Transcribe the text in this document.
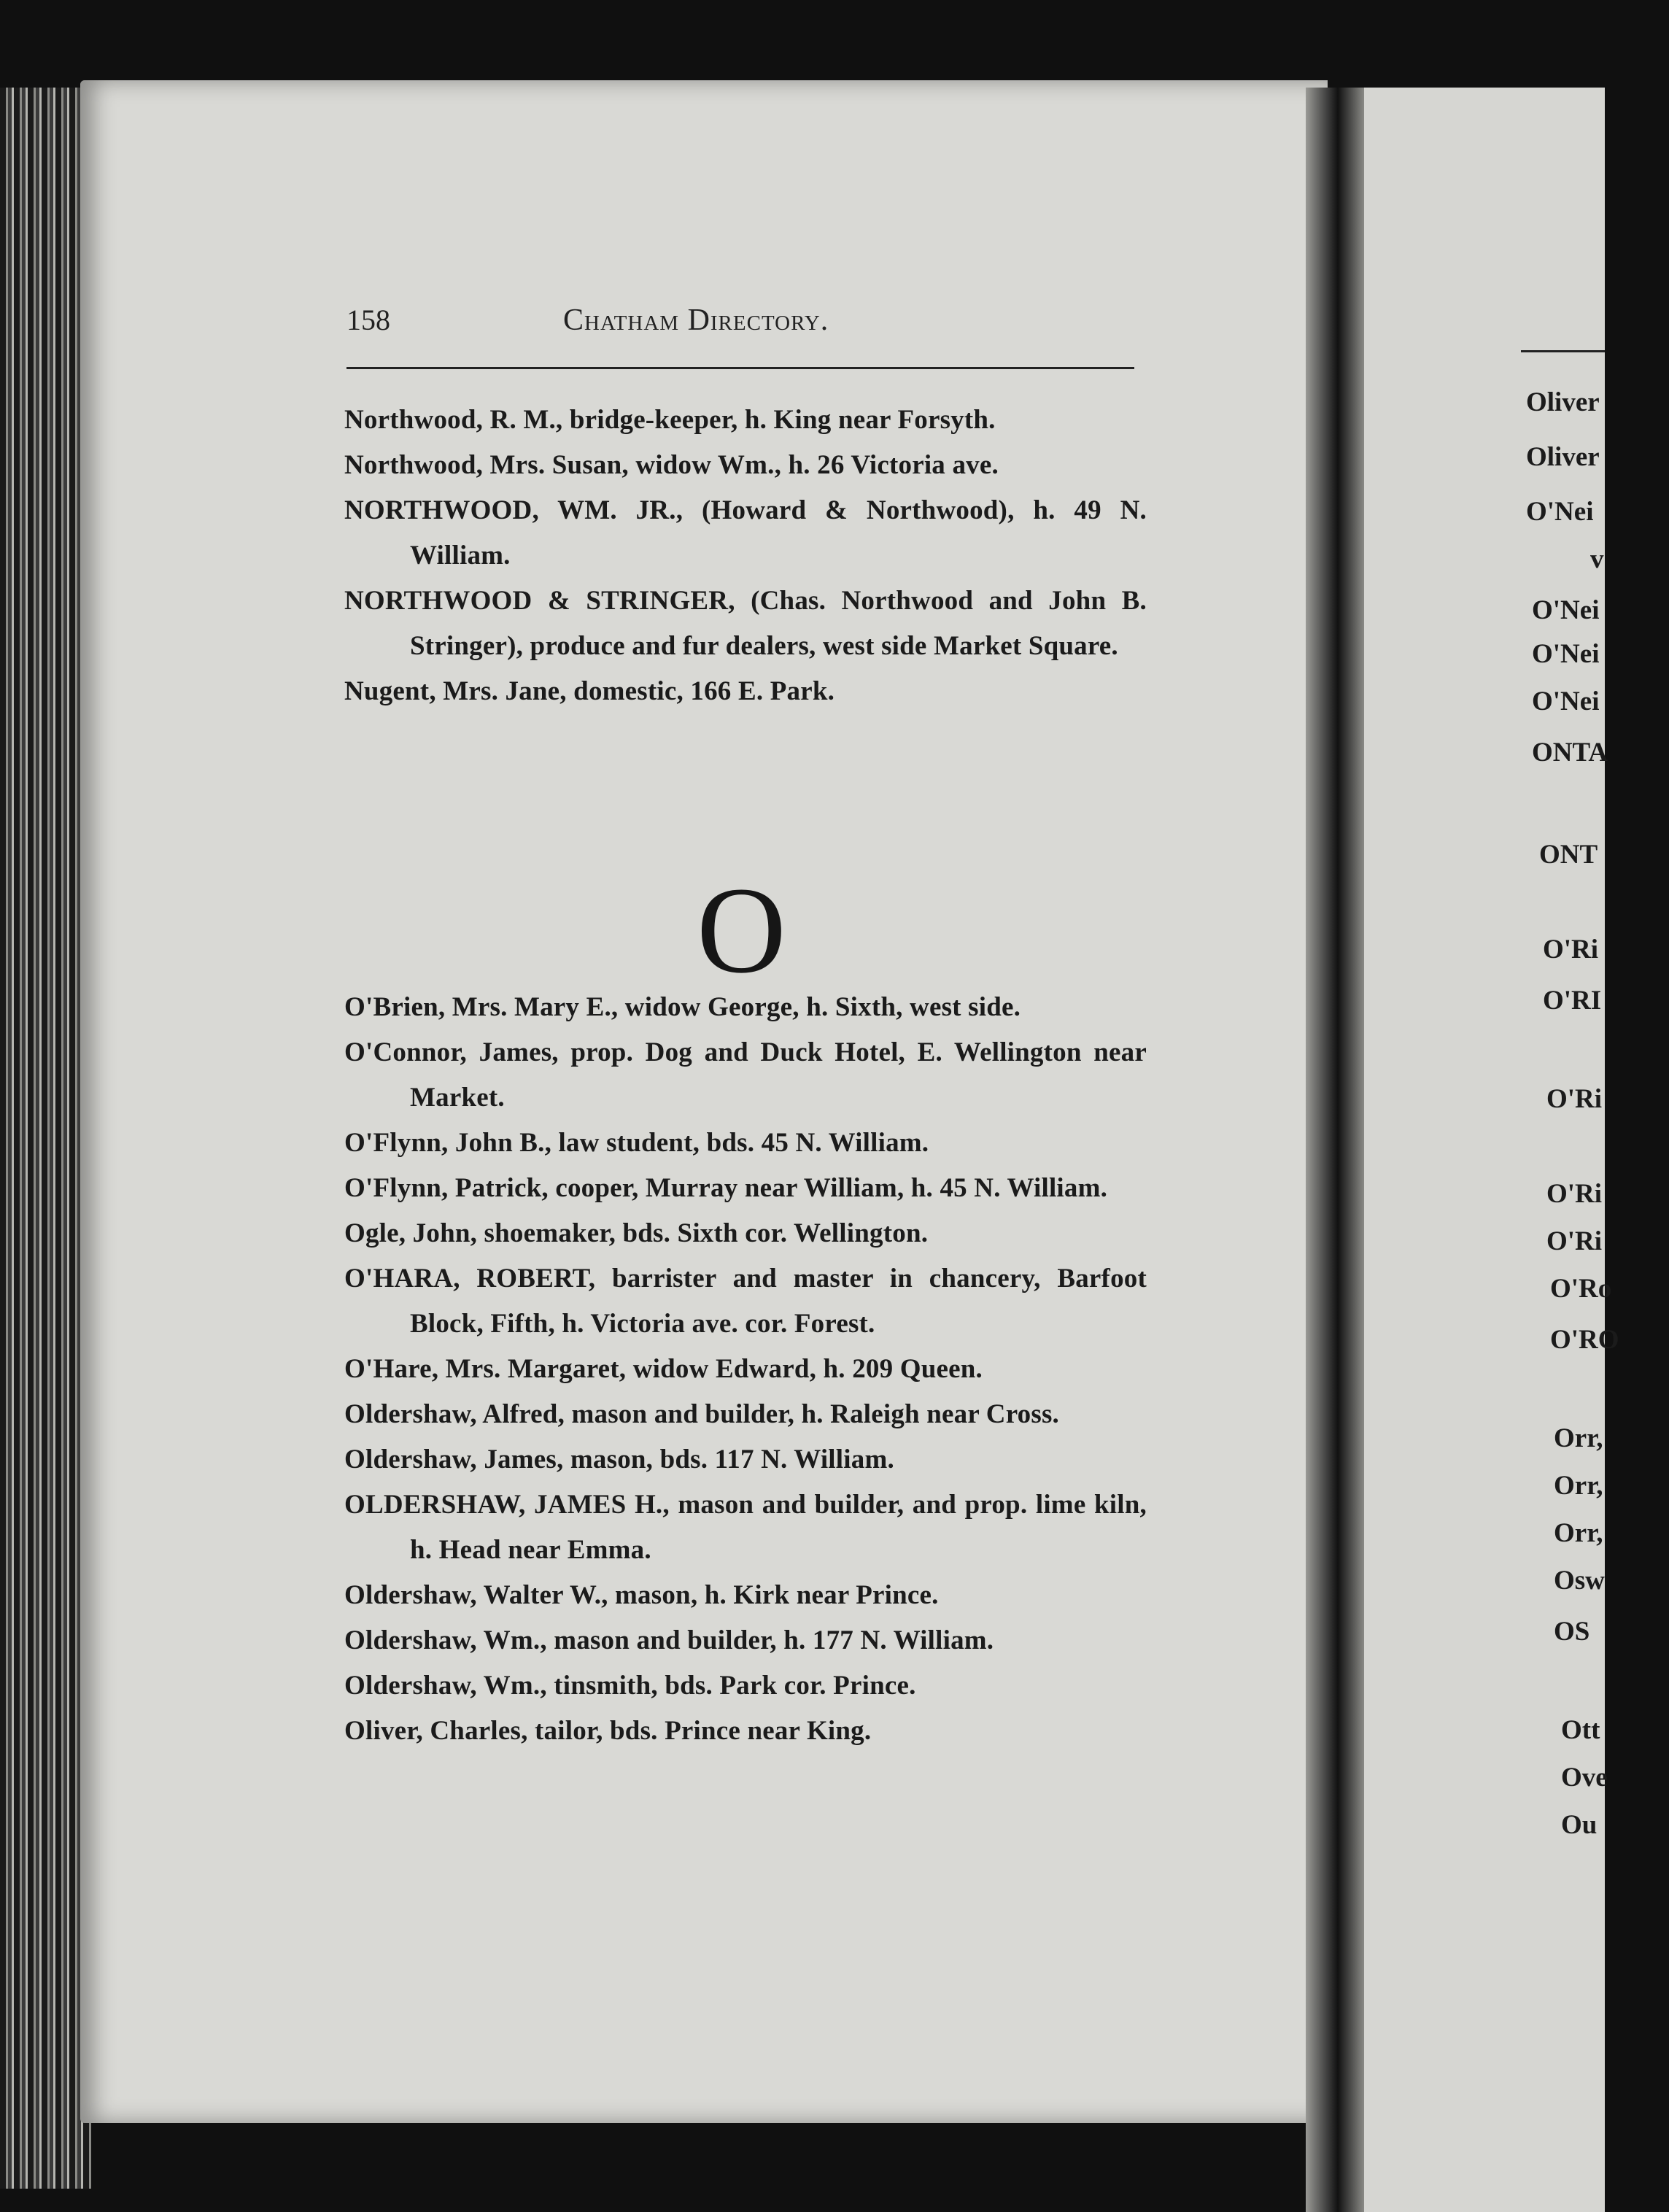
158	Chatham Directory.

Northwood, R. M., bridge-keeper, h. King near Forsyth.

Northwood, Mrs. Susan, widow Wm., h. 26 Victoria ave.

NORTHWOOD, WM. JR., (Howard & Northwood), h. 49 N. William.

NORTHWOOD & STRINGER, (Chas. Northwood and John B. Stringer), produce and fur dealers, west side Market Square.

Nugent, Mrs. Jane, domestic, 166 E. Park.

O

O'Brien, Mrs. Mary E., widow George, h. Sixth, west side.

O'Connor, James, prop. Dog and Duck Hotel, E. Wellington near Market.

O'Flynn, John B., law student, bds. 45 N. William.

O'Flynn, Patrick, cooper, Murray near William, h. 45 N. William.

Ogle, John, shoemaker, bds. Sixth cor. Wellington.

O'HARA, ROBERT, barrister and master in chancery, Barfoot Block, Fifth, h. Victoria ave. cor. Forest.

O'Hare, Mrs. Margaret, widow Edward, h. 209 Queen.

Oldershaw, Alfred, mason and builder, h. Raleigh near Cross.

Oldershaw, James, mason, bds. 117 N. William.

OLDERSHAW, JAMES H., mason and builder, and prop. lime kiln, h. Head near Emma.

Oldershaw, Walter W., mason, h. Kirk near Prince.

Oldershaw, Wm., mason and builder, h. 177 N. William.

Oldershaw, Wm., tinsmith, bds. Park cor. Prince.

Oliver, Charles, tailor, bds. Prince near King.

Oliver
Oliver
O'Nei
v
O'Nei
O'Nei
O'Nei
ONTA
ONT
O'Ri
O'RI
O'Ri
O'Ri
O'Ri
O'Ro
O'RO
Orr,
Orr,
Orr,
Osw
OS
Ott
Ove
Ou
